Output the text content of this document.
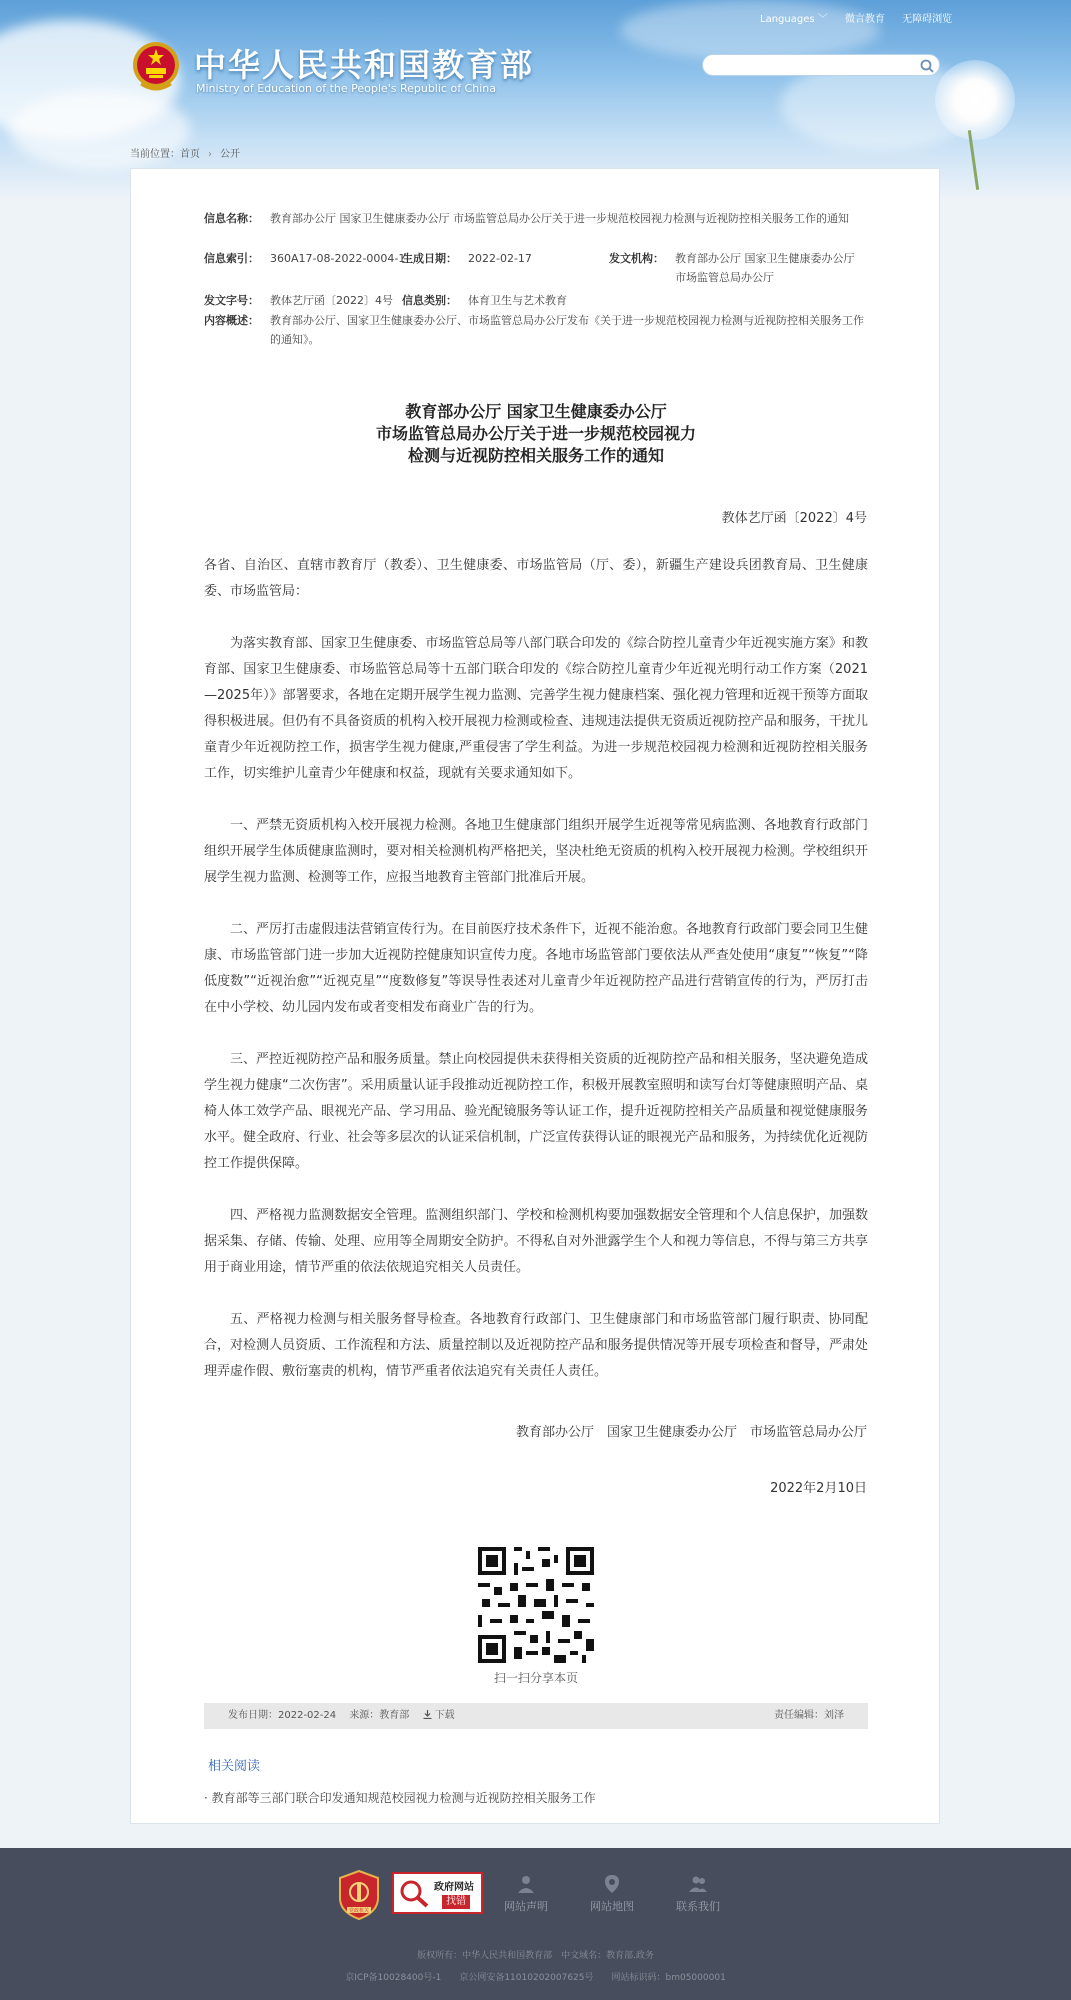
中华人民共和国教育部
Ministry of Education of the People's Republic of China
Languages ﹀ 微言教育 无障碍浏览
当前位置：首页 › 公开
信息名称： 教育部办公厅 国家卫生健康委办公厅 市场监管总局办公厅关于进一步规范校园视力检测与近视防控相关服务工作的通知
信息索引： 360A17-08-2022-0004-1
生成日期： 2022-02-17	发文机构： 教育部办公厅 国家卫生健康委办公厅 市场监管总局办公厅
发文字号： 教体艺厅函〔2022〕4号 信息类别： 体育卫生与艺术教育
内容概述： 教育部办公厅、国家卫生健康委办公厅、市场监管总局办公厅发布《关于进一步规范校园视力检测与近视防控相关服务工作的通知》。
教育部办公厅 国家卫生健康委办公厅
市场监管总局办公厅关于进一步规范校园视力
检测与近视防控相关服务工作的通知
教体艺厅函〔2022〕4号

各省、自治区、直辖市教育厅（教委）、卫生健康委、市场监管局（厅、委），新疆生产建设兵团教育局、卫生健康委、市场监管局：

为落实教育部、国家卫生健康委、市场监管总局等八部门联合印发的《综合防控儿童青少年近视实施方案》和教育部、国家卫生健康委、市场监管总局等十五部门联合印发的《综合防控儿童青少年近视光明行动工作方案（2021—2025年）》部署要求，各地在定期开展学生视力监测、完善学生视力健康档案、强化视力管理和近视干预等方面取得积极进展。但仍有不具备资质的机构入校开展视力检测或检查、违规违法提供无资质近视防控产品和服务，干扰儿童青少年近视防控工作，损害学生视力健康,严重侵害了学生利益。为进一步规范校园视力检测和近视防控相关服务工作，切实维护儿童青少年健康和权益，现就有关要求通知如下。

一、严禁无资质机构入校开展视力检测。各地卫生健康部门组织开展学生近视等常见病监测、各地教育行政部门组织开展学生体质健康监测时，要对相关检测机构严格把关，坚决杜绝无资质的机构入校开展视力检测。学校组织开展学生视力监测、检测等工作，应报当地教育主管部门批准后开展。

二、严厉打击虚假违法营销宣传行为。在目前医疗技术条件下，近视不能治愈。各地教育行政部门要会同卫生健康、市场监管部门进一步加大近视防控健康知识宣传力度。各地市场监管部门要依法从严查处使用“康复”“恢复”“降低度数”“近视治愈”“近视克星”“度数修复”等误导性表述对儿童青少年近视防控产品进行营销宣传的行为，严厉打击在中小学校、幼儿园内发布或者变相发布商业广告的行为。

三、严控近视防控产品和服务质量。禁止向校园提供未获得相关资质的近视防控产品和相关服务，坚决避免造成学生视力健康“二次伤害”。采用质量认证手段推动近视防控工作，积极开展教室照明和读写台灯等健康照明产品、桌椅人体工效学产品、眼视光产品、学习用品、验光配镜服务等认证工作，提升近视防控相关产品质量和视觉健康服务水平。健全政府、行业、社会等多层次的认证采信机制，广泛宣传获得认证的眼视光产品和服务，为持续优化近视防控工作提供保障。

四、严格视力监测数据安全管理。监测组织部门、学校和检测机构要加强数据安全管理和个人信息保护，加强数据采集、存储、传输、处理、应用等全周期安全防护。不得私自对外泄露学生个人和视力等信息，不得与第三方共享用于商业用途，情节严重的依法依规追究相关人员责任。

五、严格视力检测与相关服务督导检查。各地教育行政部门、卫生健康部门和市场监管部门履行职责、协同配合，对检测人员资质、工作流程和方法、质量控制以及近视防控产品和服务提供情况等开展专项检查和督导，严肃处理弄虚作假、敷衍塞责的机构，情节严重者依法追究有关责任人责任。

教育部办公厅　国家卫生健康委办公厅　市场监管总局办公厅
2022年2月10日
扫一扫分享本页
发布日期：2022-02-24 来源：教育部	下载	责任编辑：刘泽
相关阅读
· 教育部等三部门联合印发通知规范校园视力检测与近视防控相关服务工作
党政机关
政府网站
找错	网站声明	网站地图	联系我们
版权所有：中华人民共和国教育部　中文域名：教育部.政务
京ICP备10028400号-1　　京公网安备11010202007625号　　网站标识码：bm05000001
